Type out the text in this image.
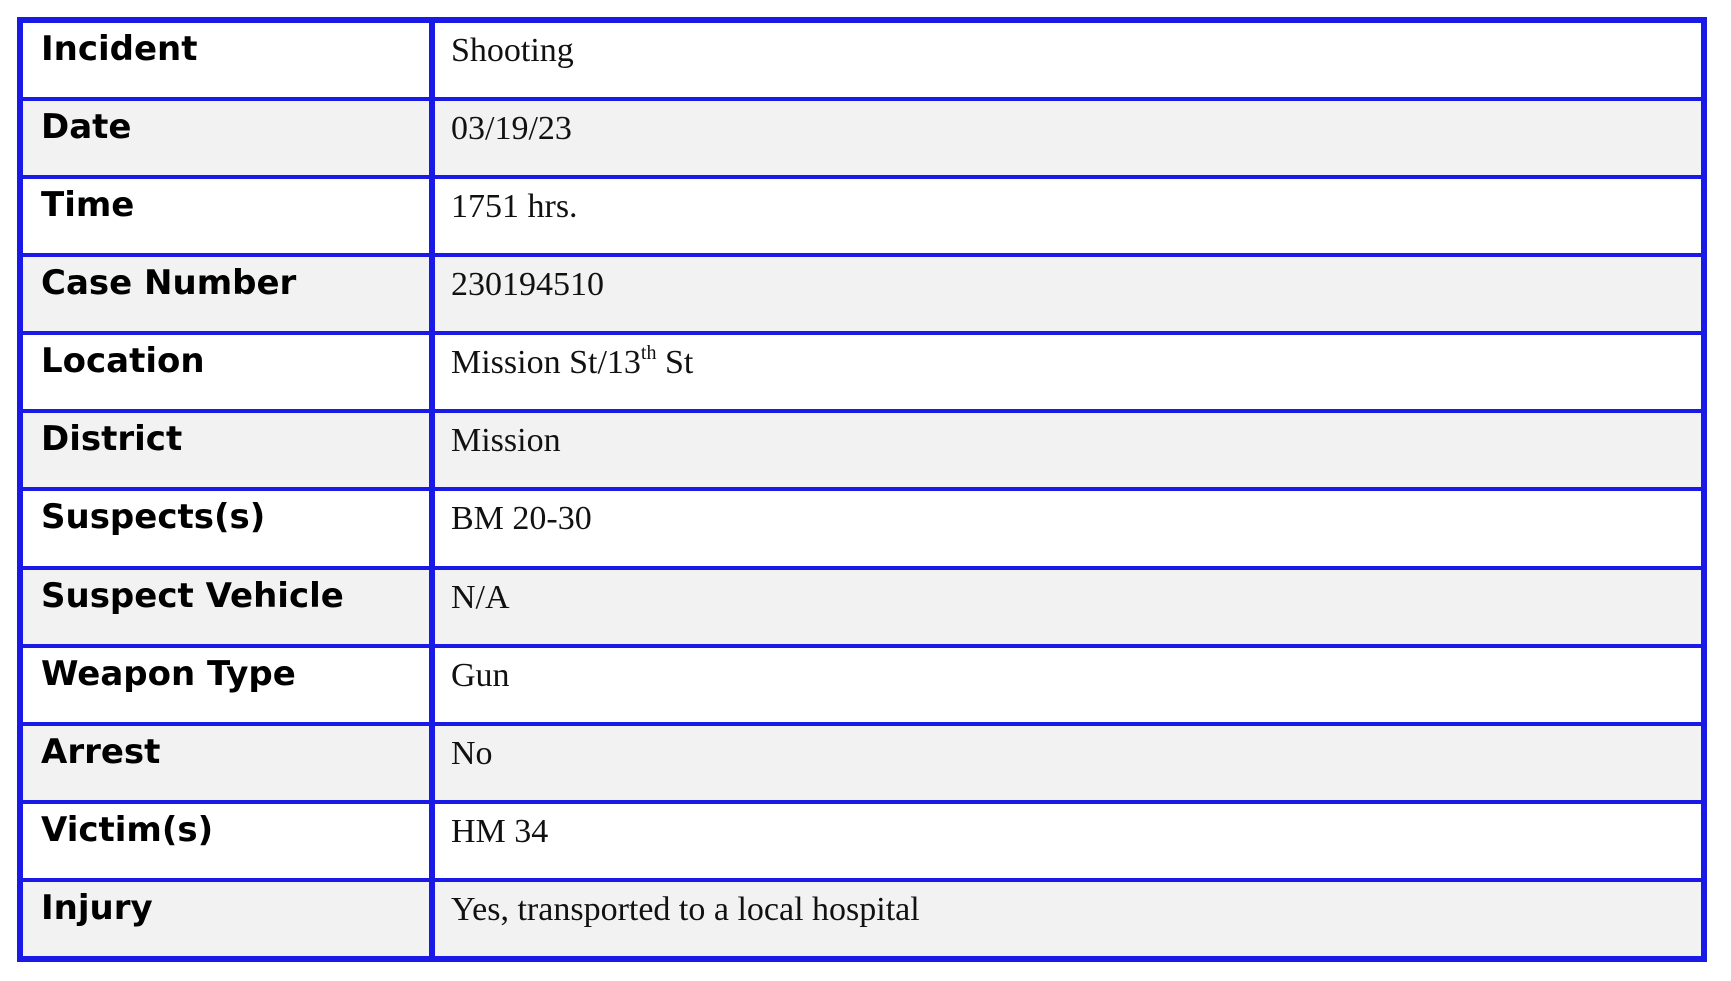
Incident	Shooting
Date	03/19/23
Time	1751 hrs.
Case Number	230194510
Location	Mission St/13th St
District	Mission
Suspects(s)	BM 20-30
Suspect Vehicle	N/A
Weapon Type	Gun
Arrest	No
Victim(s)	HM 34
Injury	Yes, transported to a local hospital
